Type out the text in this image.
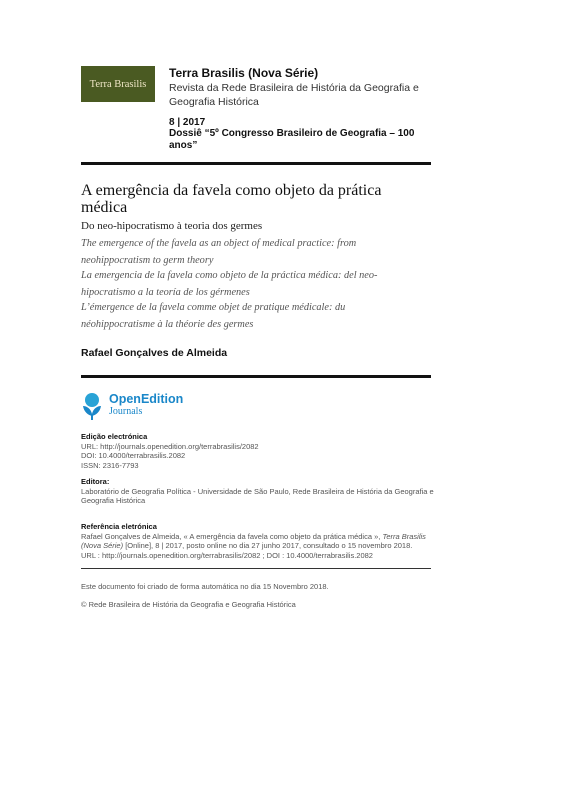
Terra Brasilis
Terra Brasilis (Nova Série)
Revista da Rede Brasileira de História da Geografia e Geografia Histórica
8 | 2017
Dossiê “5º Congresso Brasileiro de Geografia – 100 anos”
A emergência da favela como objeto da prática médica
Do neo-hipocratismo à teoria dos germes
The emergence of the favela as an object of medical practice: from neohippocratism to germ theory
La emergencia de la favela como objeto de la práctica médica: del neo-hipocratismo a la teoría de los gérmenes
L’émergence de la favela comme objet de pratique médicale: du néohippocratisme à la théorie des germes
Rafael Gonçalves de Almeida
OpenEdition
Journals
Edição electrónica
URL: http://journals.openedition.org/terrabrasilis/2082
DOI: 10.4000/terrabrasilis.2082
ISSN: 2316-7793
Editora:
Laboratório de Geografia Política - Universidade de São Paulo, Rede Brasileira de História da Geografia e Geografia Histórica
Referência eletrónica
Rafael Gonçalves de Almeida, « A emergência da favela como objeto da prática médica », Terra Brasilis
(Nova Série) [Online], 8 | 2017, posto online no dia 27 junho 2017, consultado o 15 novembro 2018.
URL : http://journals.openedition.org/terrabrasilis/2082 ; DOI : 10.4000/terrabrasilis.2082
Este documento foi criado de forma automática no dia 15 Novembro 2018.
© Rede Brasileira de História da Geografia e Geografia Histórica
